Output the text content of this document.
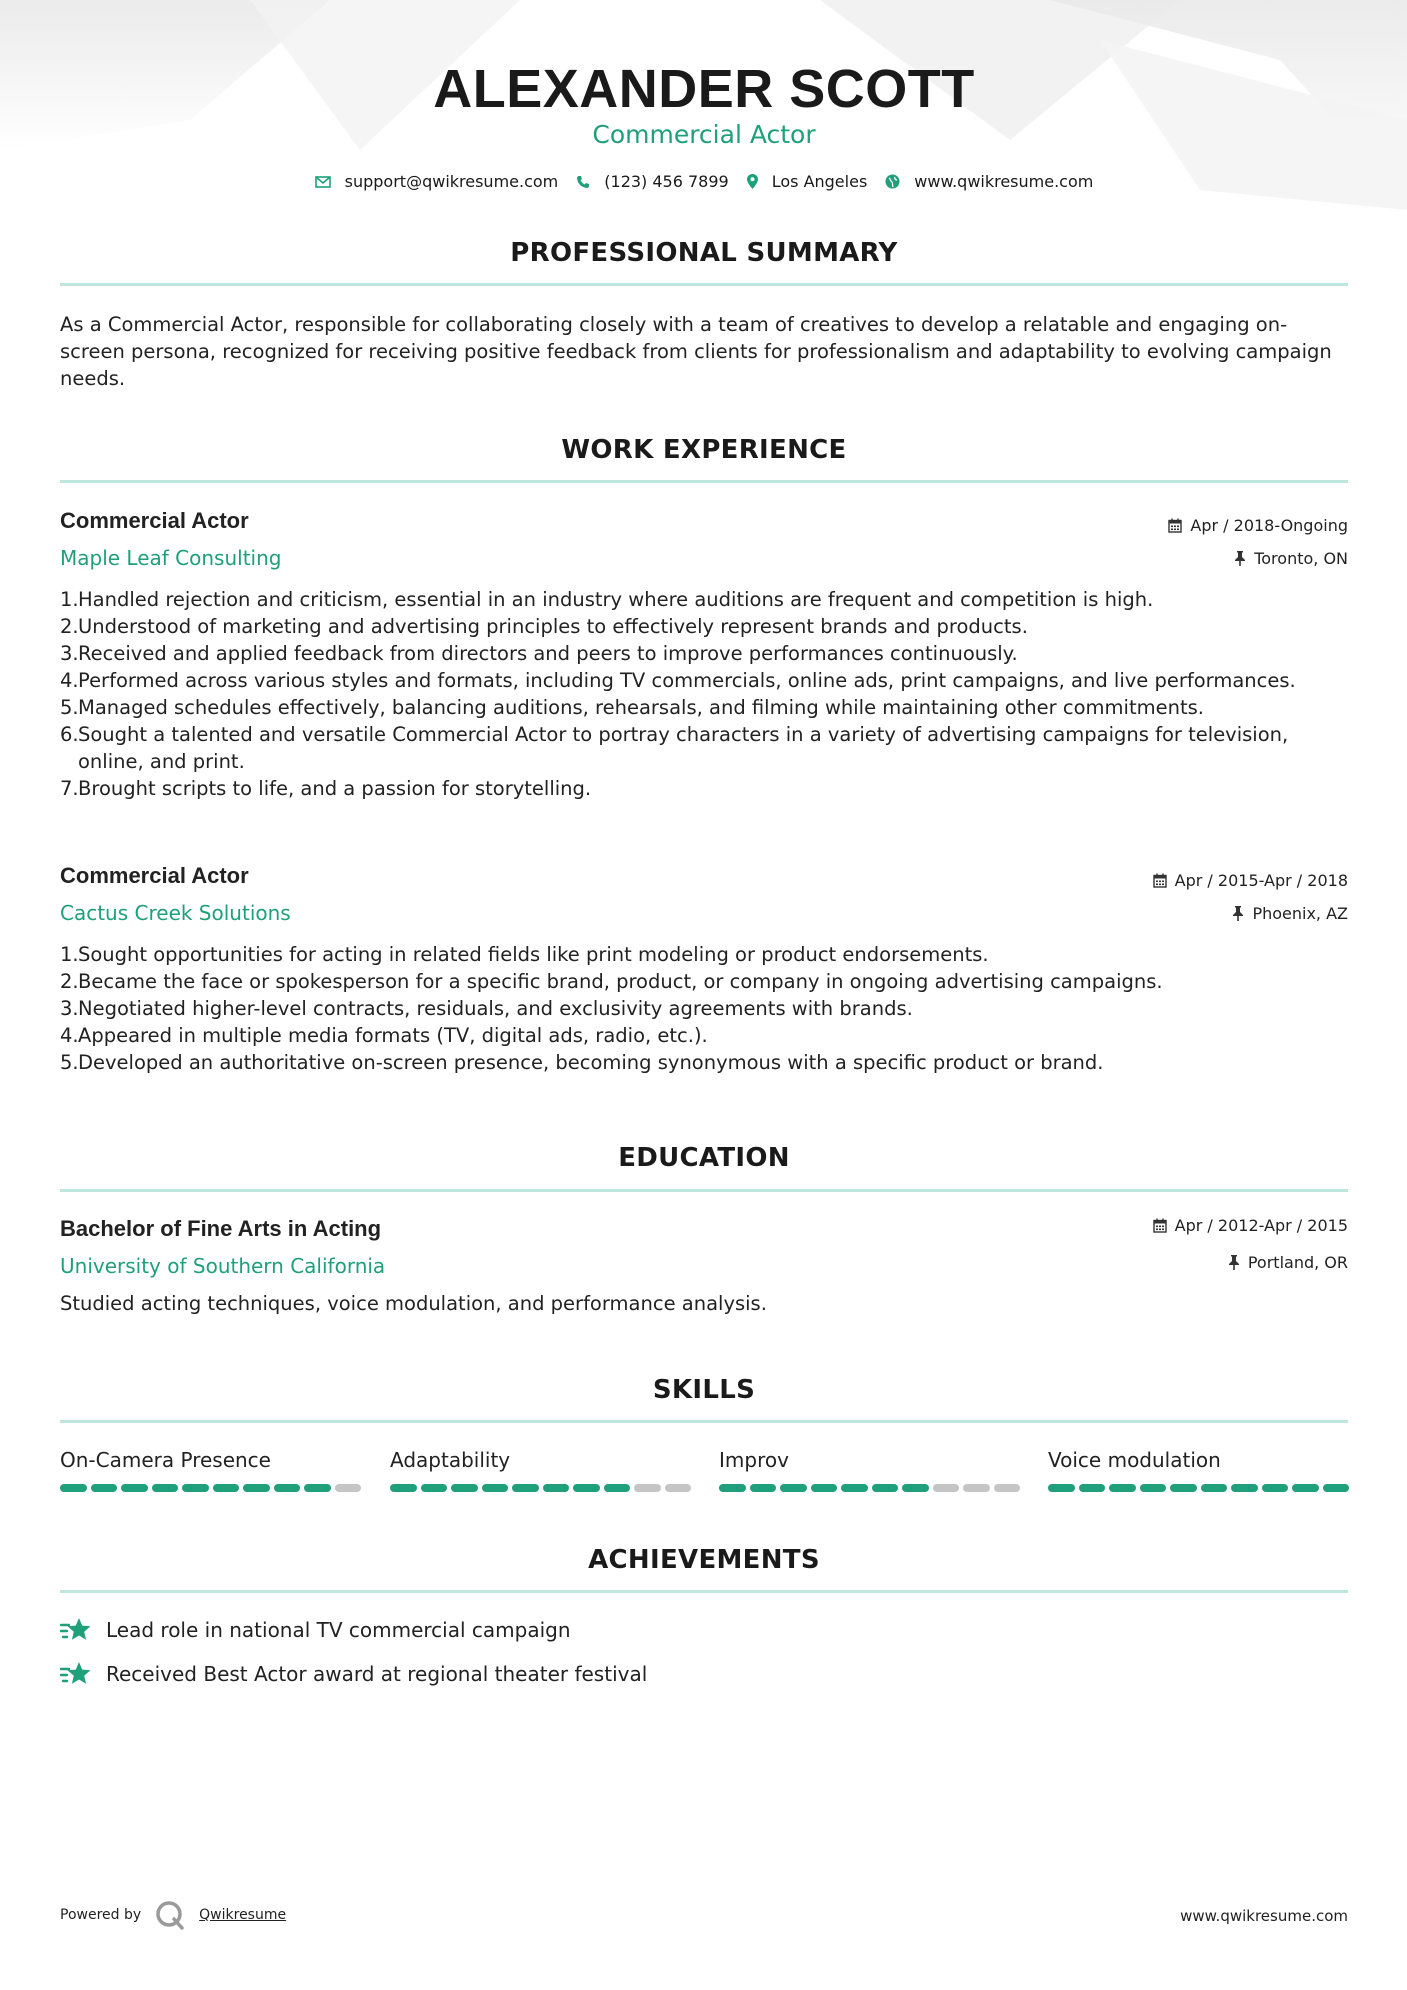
ALEXANDER SCOTT
Commercial Actor
support@qwikresume.com	(123) 456 7899	Los Angeles	www.qwikresume.com
PROFESSIONAL SUMMARY
As a Commercial Actor, responsible for collaborating closely with a team of creatives to develop a relatable and engaging on-screen persona, recognized for receiving positive feedback from clients for professionalism and adaptability to evolving campaign needs.
WORK EXPERIENCE
Commercial Actor	Apr / 2018-Ongoing
Maple Leaf Consulting	Toronto, ON
1. Handled rejection and criticism, essential in an industry where auditions are frequent and competition is high.
2. Understood of marketing and advertising principles to effectively represent brands and products.
3. Received and applied feedback from directors and peers to improve performances continuously.
4. Performed across various styles and formats, including TV commercials, online ads, print campaigns, and live performances.
5. Managed schedules effectively, balancing auditions, rehearsals, and filming while maintaining other commitments.
6. Sought a talented and versatile Commercial Actor to portray characters in a variety of advertising campaigns for television, online, and print.
7. Brought scripts to life, and a passion for storytelling.
Commercial Actor	Apr / 2015-Apr / 2018
Cactus Creek Solutions	Phoenix, AZ
1. Sought opportunities for acting in related fields like print modeling or product endorsements.
2. Became the face or spokesperson for a specific brand, product, or company in ongoing advertising campaigns.
3. Negotiated higher-level contracts, residuals, and exclusivity agreements with brands.
4. Appeared in multiple media formats (TV, digital ads, radio, etc.).
5. Developed an authoritative on-screen presence, becoming synonymous with a specific product or brand.
EDUCATION
Bachelor of Fine Arts in Acting	Apr / 2012-Apr / 2015
University of Southern California	Portland, OR
Studied acting techniques, voice modulation, and performance analysis.
SKILLS
On-Camera Presence	Adaptability	Improv	Voice modulation
ACHIEVEMENTS
Lead role in national TV commercial campaign
Received Best Actor award at regional theater festival
Powered by	Qwikresume	www.qwikresume.com
